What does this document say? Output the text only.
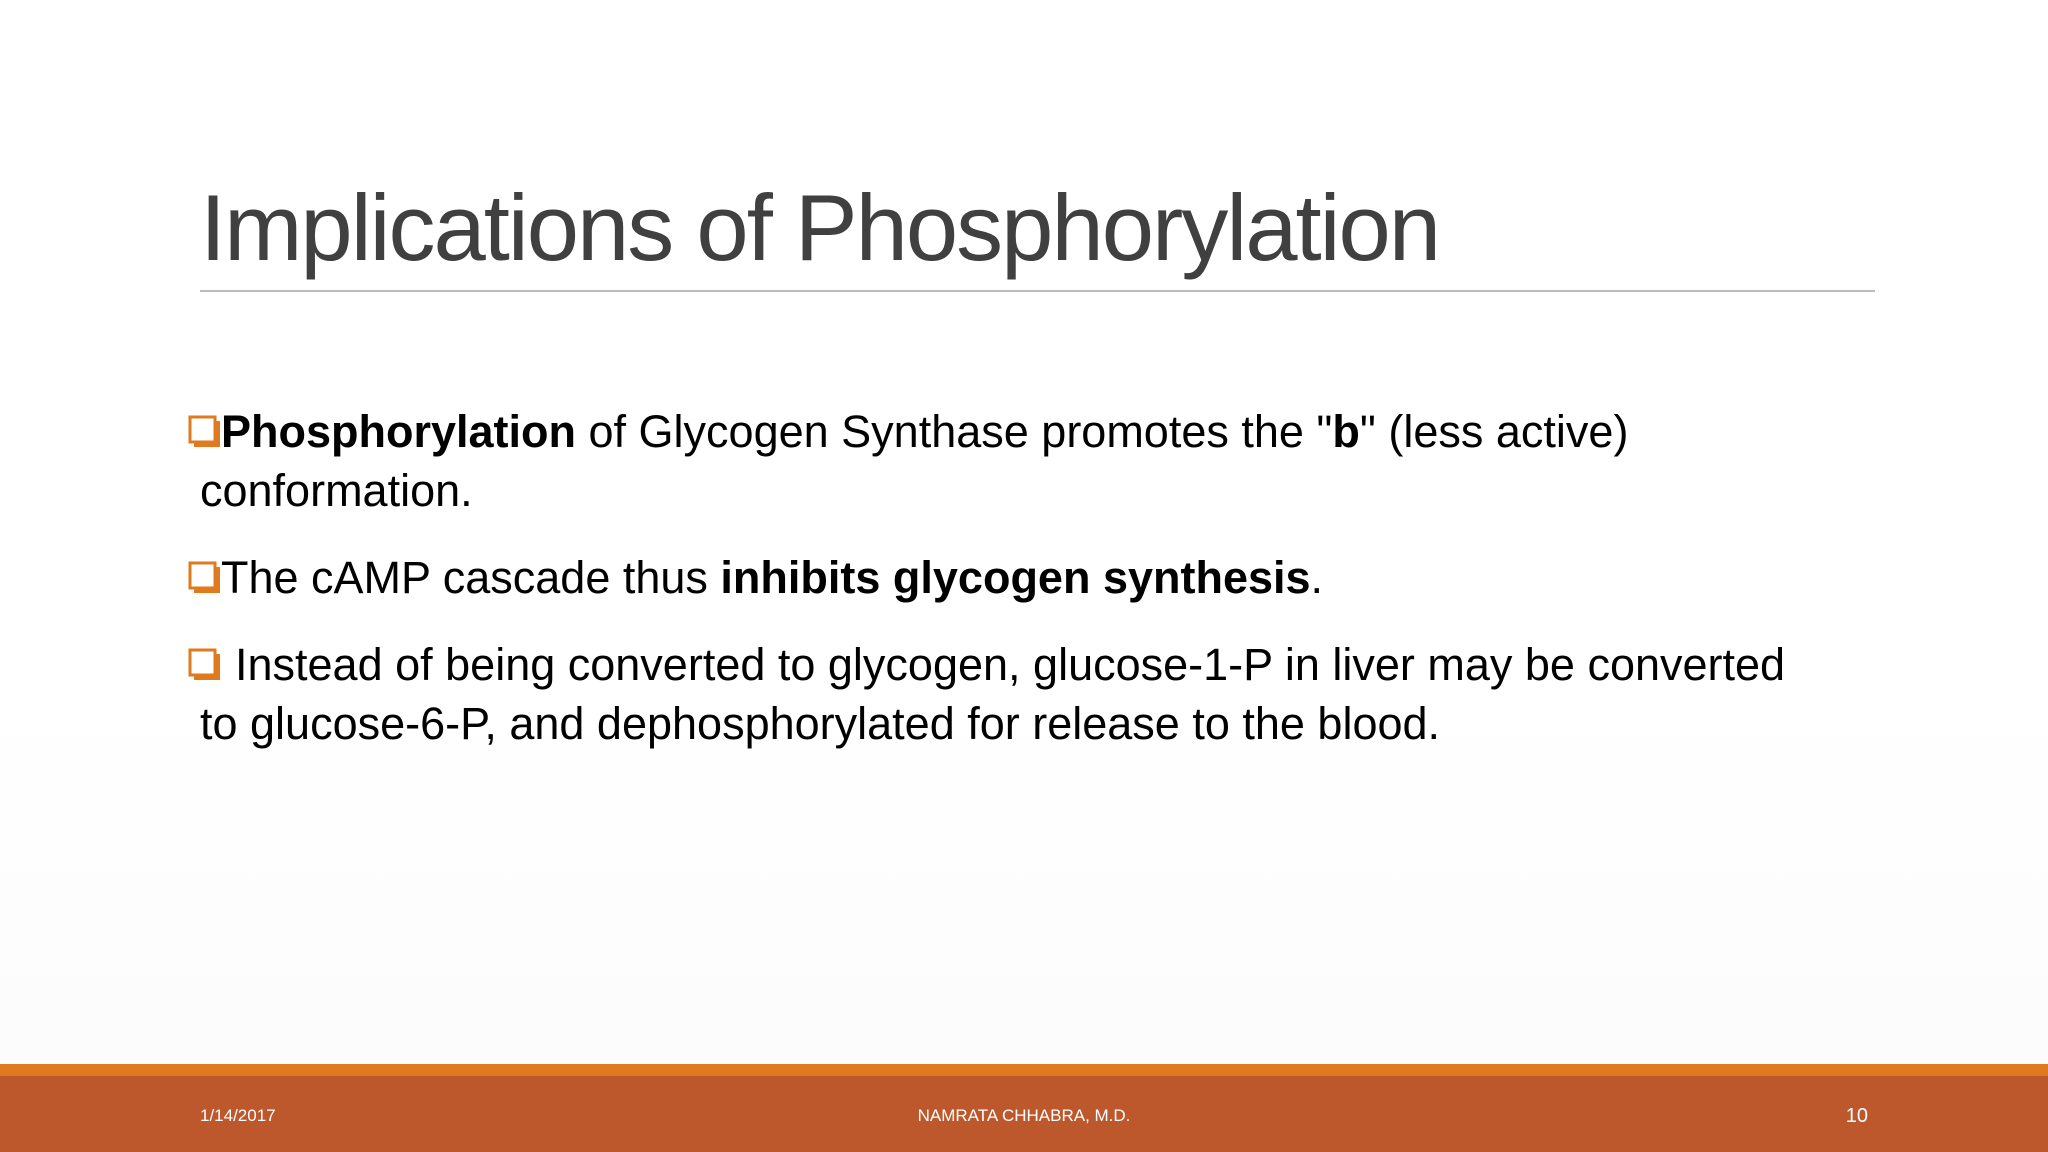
Implications of Phosphorylation
Phosphorylation of Glycogen Synthase promotes the "b" (less active)
conformation.
The cAMP cascade thus inhibits glycogen synthesis.
Instead of being converted to glycogen, glucose-1-P in liver may be converted
to glucose-6-P, and dephosphorylated for release to the blood.
1/14/2017	NAMRATA CHHABRA, M.D.	10
